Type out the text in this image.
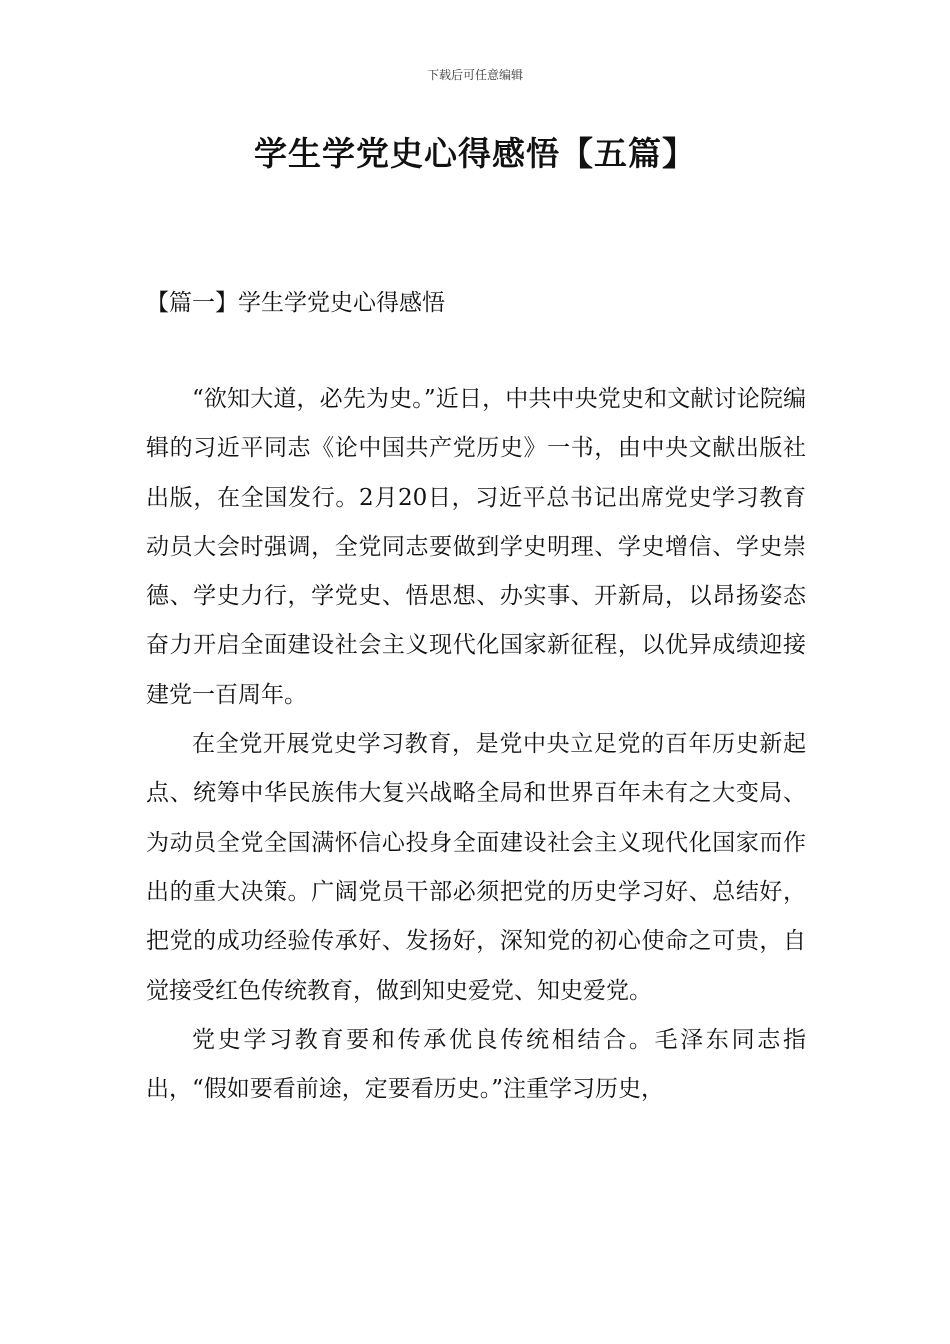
下载后可任意编辑
学生学党史心得感悟【五篇】
【篇一】学生学党史心得感悟

“欲知大道，必先为史。”近日，中共中央党史和文献讨论院编辑的习近平同志《论中国共产党历史》一书，由中央文献出版社出版，在全国发行。2月20日，习近平总书记出席党史学习教育动员大会时强调，全党同志要做到学史明理、学史增信、学史崇德、学史力行，学党史、悟思想、办实事、开新局，以昂扬姿态奋力开启全面建设社会主义现代化国家新征程，以优异成绩迎接建党一百周年。

在全党开展党史学习教育，是党中央立足党的百年历史新起点、统筹中华民族伟大复兴战略全局和世界百年未有之大变局、为动员全党全国满怀信心投身全面建设社会主义现代化国家而作出的重大决策。广阔党员干部必须把党的历史学习好、总结好，把党的成功经验传承好、发扬好，深知党的初心使命之可贵，自觉接受红色传统教育，做到知史爱党、知史爱党。

党史学习教育要和传承优良传统相结合。毛泽东同志指出，“假如要看前途，定要看历史。”注重学习历史，
